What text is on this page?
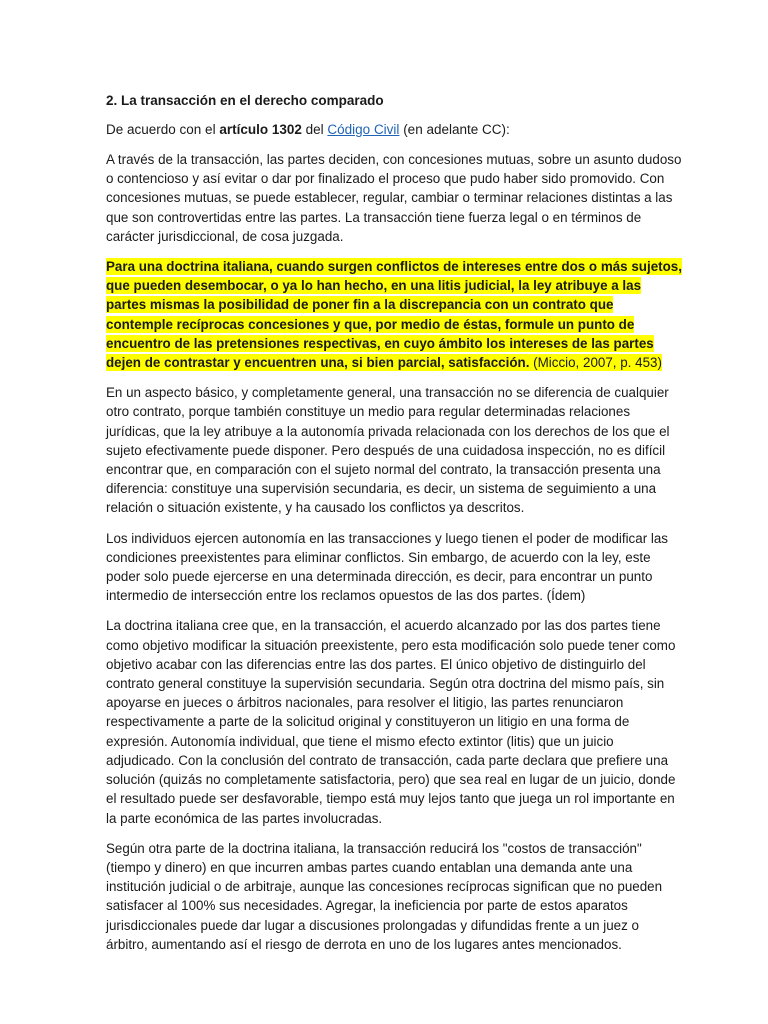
2. La transacción en el derecho comparado
De acuerdo con el artículo 1302 del Código Civil (en adelante CC):

A través de la transacción, las partes deciden, con concesiones mutuas, sobre un asunto dudoso o contencioso y así evitar o dar por finalizado el proceso que pudo haber sido promovido. Con concesiones mutuas, se puede establecer, regular, cambiar o terminar relaciones distintas a las que son controvertidas entre las partes. La transacción tiene fuerza legal o en términos de carácter jurisdiccional, de cosa juzgada.

Para una doctrina italiana, cuando surgen conflictos de intereses entre dos o más sujetos, que pueden desembocar, o ya lo han hecho, en una litis judicial, la ley atribuye a las partes mismas la posibilidad de poner fin a la discrepancia con un contrato que contemple recíprocas concesiones y que, por medio de éstas, formule un punto de encuentro de las pretensiones respectivas, en cuyo ámbito los intereses de las partes dejen de contrastar y encuentren una, si bien parcial, satisfacción. (Miccio, 2007, p. 453)

En un aspecto básico, y completamente general, una transacción no se diferencia de cualquier otro contrato, porque también constituye un medio para regular determinadas relaciones jurídicas, que la ley atribuye a la autonomía privada relacionada con los derechos de los que el sujeto efectivamente puede disponer. Pero después de una cuidadosa inspección, no es difícil encontrar que, en comparación con el sujeto normal del contrato, la transacción presenta una diferencia: constituye una supervisión secundaria, es decir, un sistema de seguimiento a una relación o situación existente, y ha causado los conflictos ya descritos.

Los individuos ejercen autonomía en las transacciones y luego tienen el poder de modificar las condiciones preexistentes para eliminar conflictos. Sin embargo, de acuerdo con la ley, este poder solo puede ejercerse en una determinada dirección, es decir, para encontrar un punto intermedio de intersección entre los reclamos opuestos de las dos partes. (Ídem)

La doctrina italiana cree que, en la transacción, el acuerdo alcanzado por las dos partes tiene como objetivo modificar la situación preexistente, pero esta modificación solo puede tener como objetivo acabar con las diferencias entre las dos partes. El único objetivo de distinguirlo del contrato general constituye la supervisión secundaria. Según otra doctrina del mismo país, sin apoyarse en jueces o árbitros nacionales, para resolver el litigio, las partes renunciaron respectivamente a parte de la solicitud original y constituyeron un litigio en una forma de expresión. Autonomía individual, que tiene el mismo efecto extintor (litis) que un juicio adjudicado. Con la conclusión del contrato de transacción, cada parte declara que prefiere una solución (quizás no completamente satisfactoria, pero) que sea real en lugar de un juicio, donde el resultado puede ser desfavorable, tiempo está muy lejos tanto que juega un rol importante en la parte económica de las partes involucradas.

Según otra parte de la doctrina italiana, la transacción reducirá los "costos de transacción" (tiempo y dinero) en que incurren ambas partes cuando entablan una demanda ante una institución judicial o de arbitraje, aunque las concesiones recíprocas significan que no pueden satisfacer al 100% sus necesidades. Agregar, la ineficiencia por parte de estos aparatos jurisdiccionales puede dar lugar a discusiones prolongadas y difundidas frente a un juez o árbitro, aumentando así el riesgo de derrota en uno de los lugares antes mencionados.
